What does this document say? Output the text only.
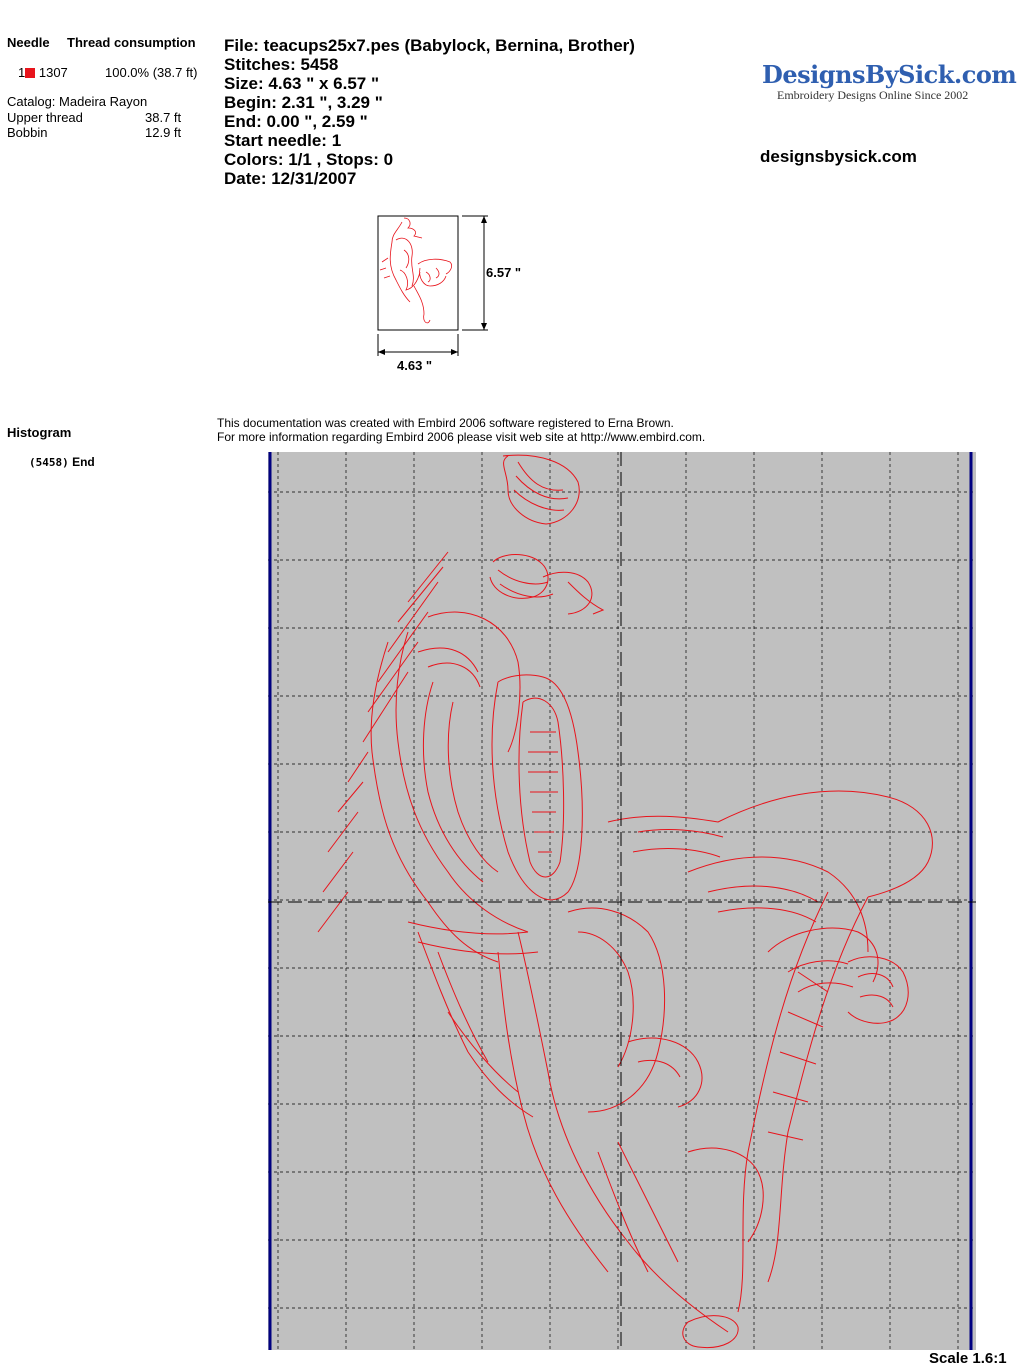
Needle Thread consumption
1 1307	100.0% (38.7 ft)
Catalog: Madeira Rayon
Upper thread	38.7 ft
Bobbin	12.9 ft
File: teacups25x7.pes (Babylock, Bernina, Brother)
Stitches: 5458
Size: 4.63 " x 6.57 "
Begin: 2.31 ", 3.29 "
End: 0.00 ", 2.59 "
Start needle: 1
Colors: 1/1 , Stops: 0
Date: 12/31/2007
DesignsBySick.com
Embroidery Designs Online Since 2002
designsbysick.com
6.57 "
4.63 "
This documentation was created with Embird 2006 software registered to Erna Brown.
For more information regarding Embird 2006 please visit web site at http://www.embird.com.
Histogram
(5458) End
Scale 1.6:1
